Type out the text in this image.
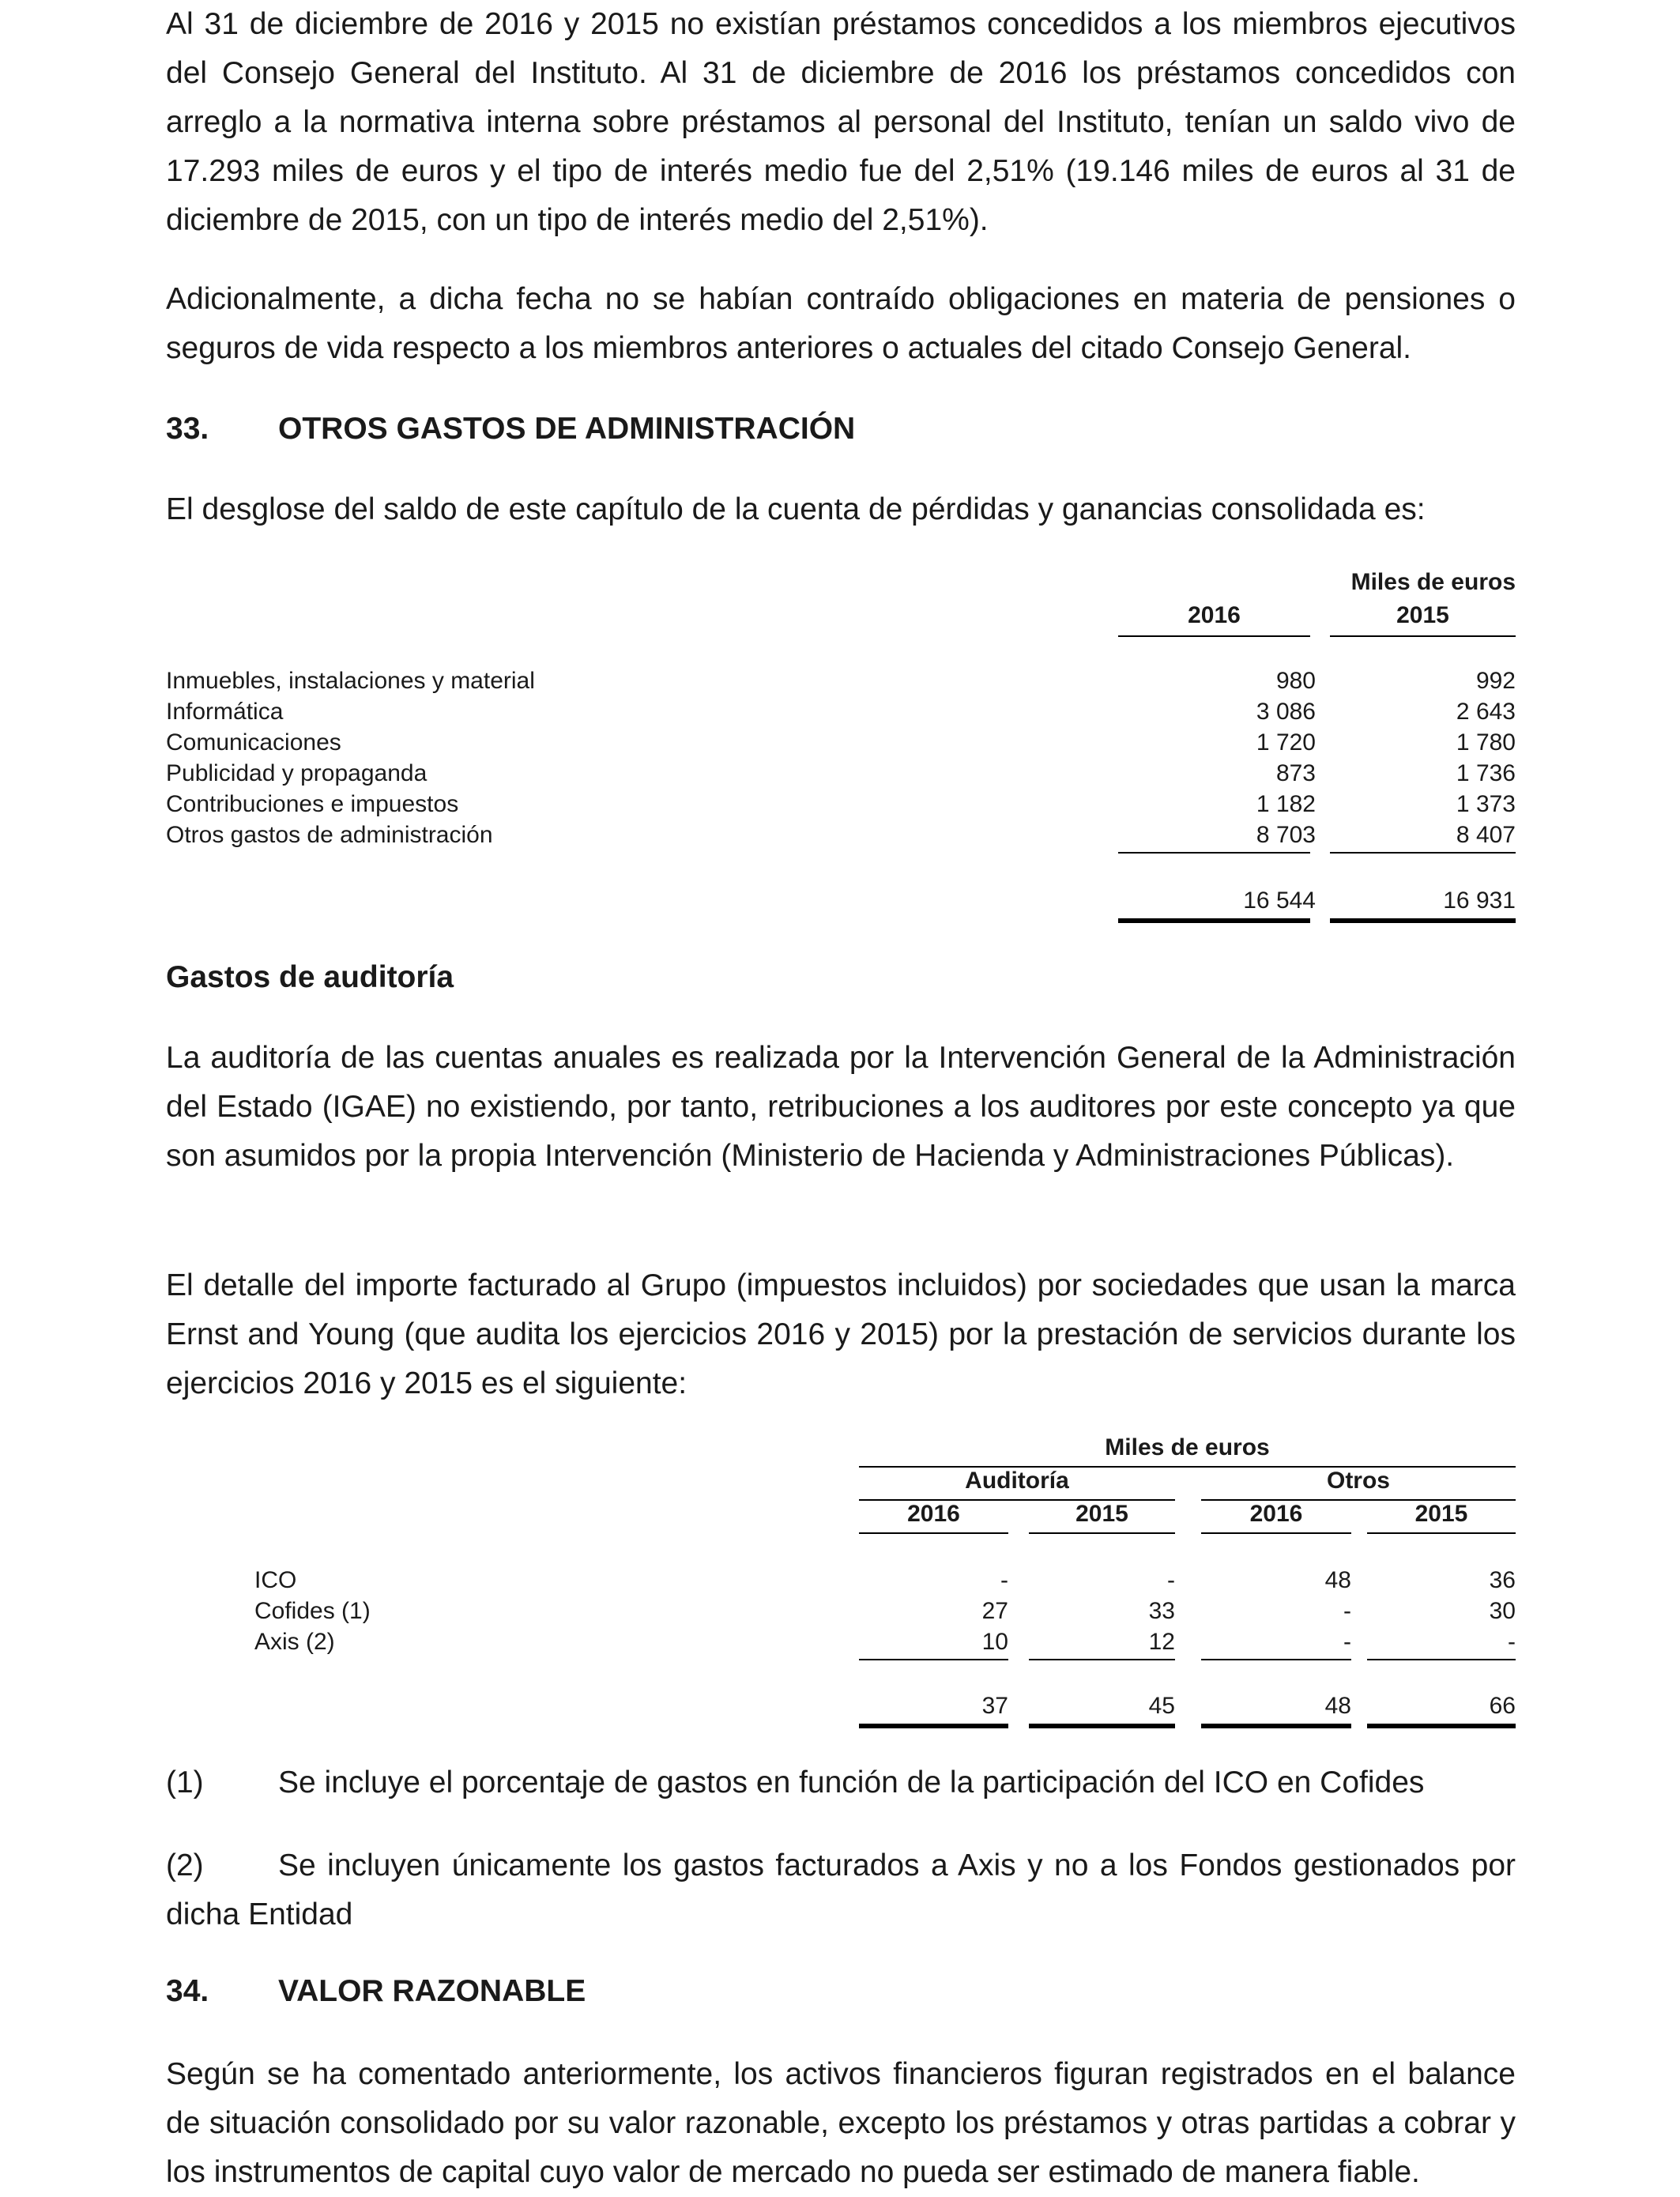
Al 31 de diciembre de 2016 y 2015 no existían préstamos concedidos a los miembros ejecutivos del Consejo General del Instituto. Al 31 de diciembre de 2016 los préstamos concedidos con arreglo a la normativa interna sobre préstamos al personal del Instituto, tenían un saldo vivo de 17.293 miles de euros y el tipo de interés medio fue del 2,51% (19.146 miles de euros al 31 de diciembre de 2015, con un tipo de interés medio del 2,51%).

Adicionalmente, a dicha fecha no se habían contraído obligaciones en materia de pensiones o seguros de vida respecto a los miembros anteriores o actuales del citado Consejo General.

33. OTROS GASTOS DE ADMINISTRACIÓN

El desglose del saldo de este capítulo de la cuenta de pérdidas y ganancias consolidada es:

Miles de euros
2016	2015
Inmuebles, instalaciones y material	980	992
Informática	3 086	2 643
Comunicaciones	1 720	1 780
Publicidad y propaganda	873	1 736
Contribuciones e impuestos	1 182	1 373
Otros gastos de administración	8 703	8 407
16 544	16 931
Gastos de auditoría

La auditoría de las cuentas anuales es realizada por la Intervención General de la Administración del Estado (IGAE) no existiendo, por tanto, retribuciones a los auditores por este concepto ya que son asumidos por la propia Intervención (Ministerio de Hacienda y Administraciones Públicas).

El detalle del importe facturado al Grupo (impuestos incluidos) por sociedades que usan la marca Ernst and Young (que audita los ejercicios 2016 y 2015) por la prestación de servicios durante los ejercicios 2016 y 2015 es el siguiente:

Miles de euros
Auditoría	Otros
2016	2015	2016	2015
ICO	-	-	48	36
Cofides (1)	27	33	-	30
Axis (2)	10	12	-	-
37	45	48	66

(1) Se incluye el porcentaje de gastos en función de la participación del ICO en Cofides

(2) Se incluyen únicamente los gastos facturados a Axis y no a los Fondos gestionados por dicha Entidad

34. VALOR RAZONABLE

Según se ha comentado anteriormente, los activos financieros figuran registrados en el balance de situación consolidado por su valor razonable, excepto los préstamos y otras partidas a cobrar y los instrumentos de capital cuyo valor de mercado no pueda ser estimado de manera fiable.
